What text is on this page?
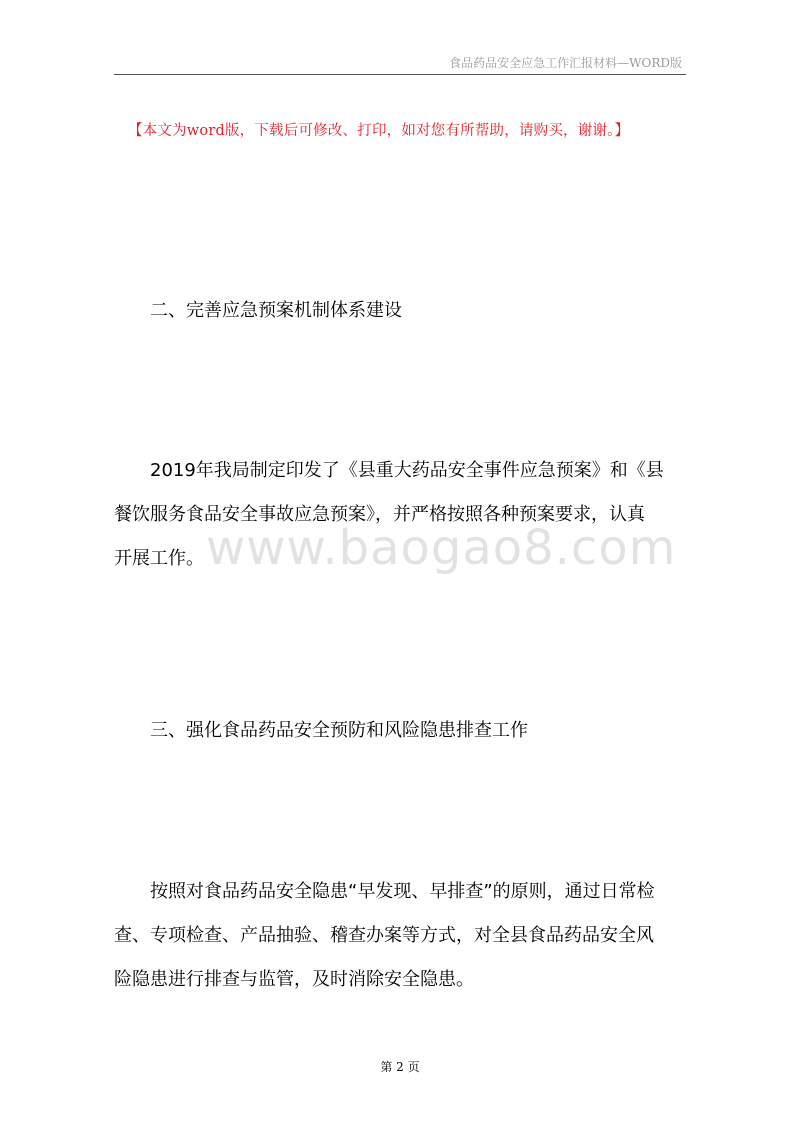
食品药品安全应急工作汇报材料—WORD版
【本文为word版，下载后可修改、打印，如对您有所帮助，请购买，谢谢。】
二、完善应急预案机制体系建设
2019年我局制定印发了《县重大药品安全事件应急预案》和《县
餐饮服务食品安全事故应急预案》，并严格按照各种预案要求，认真
开展工作。 www.baogao8.com
三、强化食品药品安全预防和风险隐患排查工作
按照对食品药品安全隐患“早发现、早排查”的原则，通过日常检
查、专项检查、产品抽验、稽查办案等方式，对全县食品药品安全风
险隐患进行排查与监管，及时消除安全隐患。
第 2 页
